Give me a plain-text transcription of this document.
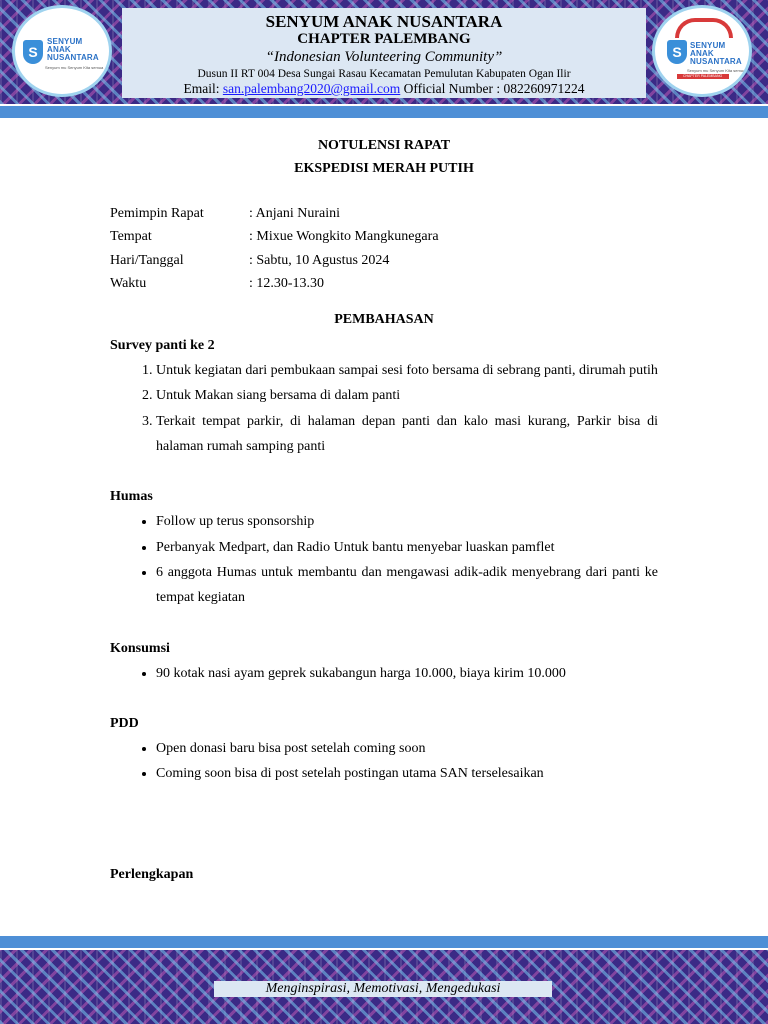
S
SENYUM
ANAK
NUSANTARA
Senyum mu Senyum Kita semua
SENYUM ANAK NUSANTARA
CHAPTER PALEMBANG
“Indonesian Volunteering Community”
Dusun II RT 004 Desa Sungai Rasau Kecamatan Pemulutan Kabupaten Ogan Ilir
Email: san.palembang2020@gmail.com Official Number : 082260971224
S	SENYUM
ANAK
NUSANTARA
Senyum mu Senyum Kita semua
CHAPTER PALEMBANG
NOTULENSI RAPAT
EKSPEDISI MERAH PUTIH
Pemimpin Rapat	: Anjani Nuraini
Tempat	: Mixue Wongkito Mangkunegara
Hari/Tanggal	: Sabtu, 10 Agustus 2024
Waktu	: 12.30-13.30
PEMBAHASAN
Survey panti ke 2
1. Untuk kegiatan dari pembukaan sampai sesi foto bersama di sebrang panti, dirumah putih
2. Untuk Makan siang bersama di dalam panti
3. Terkait tempat parkir, di halaman depan panti dan kalo masi kurang, Parkir bisa di halaman rumah samping panti
Humas
• Follow up terus sponsorship
• Perbanyak Medpart, dan Radio Untuk bantu menyebar luaskan pamflet
• 6 anggota Humas untuk membantu dan mengawasi adik-adik menyebrang dari panti ke tempat kegiatan
Konsumsi
• 90 kotak nasi ayam geprek sukabangun harga 10.000, biaya kirim 10.000
PDD
• Open donasi baru bisa post setelah coming soon
• Coming soon bisa di post setelah postingan utama SAN terselesaikan
Perlengkapan
Menginspirasi, Memotivasi, Mengedukasi
